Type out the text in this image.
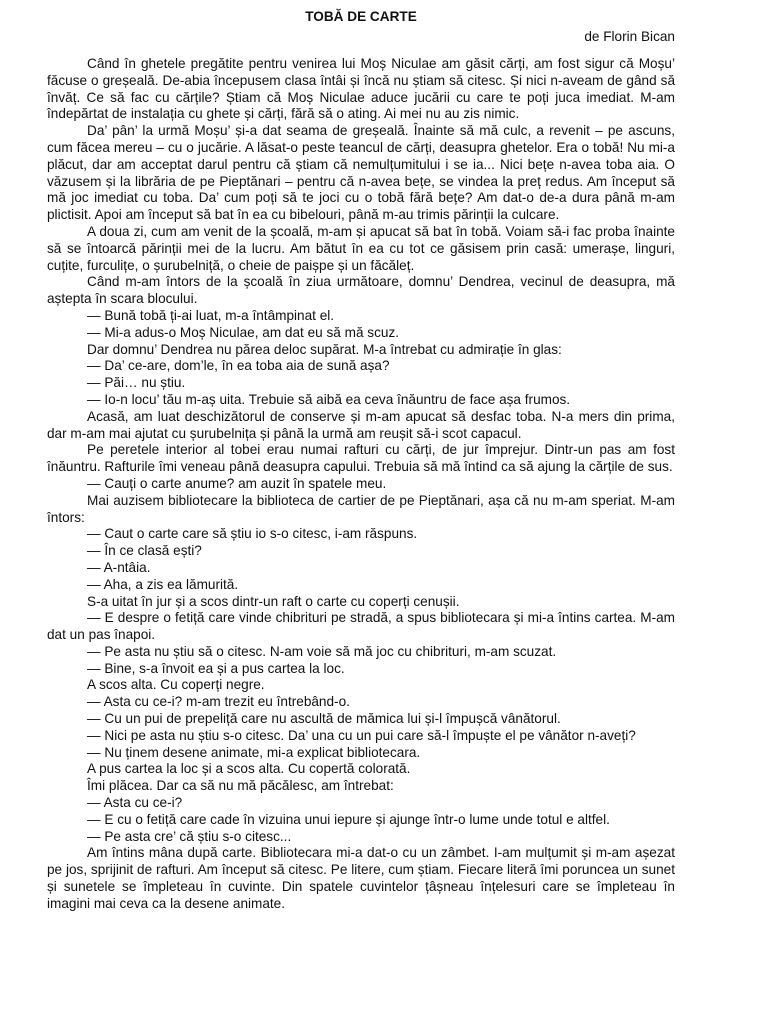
TOBĂ DE CARTE
de Florin Bican

Când în ghetele pregătite pentru venirea lui Moș Niculae am găsit cărți, am fost sigur că Moșu’ făcuse o greșeală. De-abia începusem clasa întâi și încă nu știam să citesc. Și nici n-aveam de gând să învăț. Ce să fac cu cărțile? Știam că Moș Niculae aduce jucării cu care te poți juca imediat. M-am îndepărtat de instalația cu ghete și cărți, fără să o ating. Ai mei nu au zis nimic.

Da’ pân’ la urmă Moșu’ și-a dat seama de greșeală. Înainte să mă culc, a revenit – pe ascuns, cum făcea mereu – cu o jucărie. A lăsat-o peste teancul de cărți, deasupra ghetelor. Era o tobă! Nu mi-a plăcut, dar am acceptat darul pentru că știam că nemulțumitului i se ia... Nici bețe n-avea toba aia. O văzusem și la librăria de pe Pieptănari – pentru că n-avea bețe, se vindea la preț redus. Am început să mă joc imediat cu toba. Da’ cum poți să te joci cu o tobă fără bețe? Am dat-o de-a dura până m-am plictisit. Apoi am început să bat în ea cu bibelouri, până m-au trimis părinții la culcare.

A doua zi, cum am venit de la școală, m-am și apucat să bat în tobă. Voiam să-i fac proba înainte să se întoarcă părinții mei de la lucru. Am bătut în ea cu tot ce găsisem prin casă: umerașe, linguri, cuțite, furculițe, o șurubelniță, o cheie de paișpe și un făcăleț.

Când m-am întors de la școală în ziua următoare, domnu’ Dendrea, vecinul de deasupra, mă aștepta în scara blocului.

— Bună tobă ți-ai luat, m-a întâmpinat el.

— Mi-a adus-o Moș Niculae, am dat eu să mă scuz.

Dar domnu’ Dendrea nu părea deloc supărat. M-a întrebat cu admirație în glas:

— Da’ ce-are, dom’le, în ea toba aia de sună așa?

— Păi… nu știu.

— Io-n locu’ tău m-aș uita. Trebuie să aibă ea ceva înăuntru de face așa frumos.

Acasă, am luat deschizătorul de conserve și m-am apucat să desfac toba. N-a mers din prima, dar m-am mai ajutat cu șurubelnița și până la urmă am reușit să-i scot capacul.

Pe peretele interior al tobei erau numai rafturi cu cărți, de jur împrejur. Dintr-un pas am fost înăuntru. Rafturile îmi veneau până deasupra capului. Trebuia să mă întind ca să ajung la cărțile de sus.

— Cauți o carte anume? am auzit în spatele meu.

Mai auzisem bibliotecare la biblioteca de cartier de pe Pieptănari, așa că nu m-am speriat. M-am întors:

— Caut o carte care să știu io s-o citesc, i-am răspuns.

— În ce clasă ești?

— A-ntâia.

— Aha, a zis ea lămurită.

S-a uitat în jur și a scos dintr-un raft o carte cu coperți cenușii.

— E despre o fetiță care vinde chibrituri pe stradă, a spus bibliotecara și mi-a întins cartea. M-am dat un pas înapoi.

— Pe asta nu știu să o citesc. N-am voie să mă joc cu chibrituri, m-am scuzat.

— Bine, s-a învoit ea și a pus cartea la loc.

A scos alta. Cu coperți negre.

— Asta cu ce-i? m-am trezit eu întrebând-o.

— Cu un pui de prepeliță care nu ascultă de mămica lui și-l împușcă vânătorul.

— Nici pe asta nu știu s-o citesc. Da’ una cu un pui care să-l împuște el pe vânător n-aveți?

— Nu ținem desene animate, mi-a explicat bibliotecara.

A pus cartea la loc și a scos alta. Cu copertă colorată.

Îmi plăcea. Dar ca să nu mă păcălesc, am întrebat:

— Asta cu ce-i?

— E cu o fetiță care cade în vizuina unui iepure și ajunge într-o lume unde totul e altfel.

— Pe asta cre’ că știu s-o citesc...

Am întins mâna după carte. Bibliotecara mi-a dat-o cu un zâmbet. I-am mulțumit și m-am așezat pe jos, sprijinit de rafturi. Am început să citesc. Pe litere, cum știam. Fiecare literă îmi poruncea un sunet și sunetele se împleteau în cuvinte. Din spatele cuvintelor țâșneau înțelesuri care se împleteau în imagini mai ceva ca la desene animate.
